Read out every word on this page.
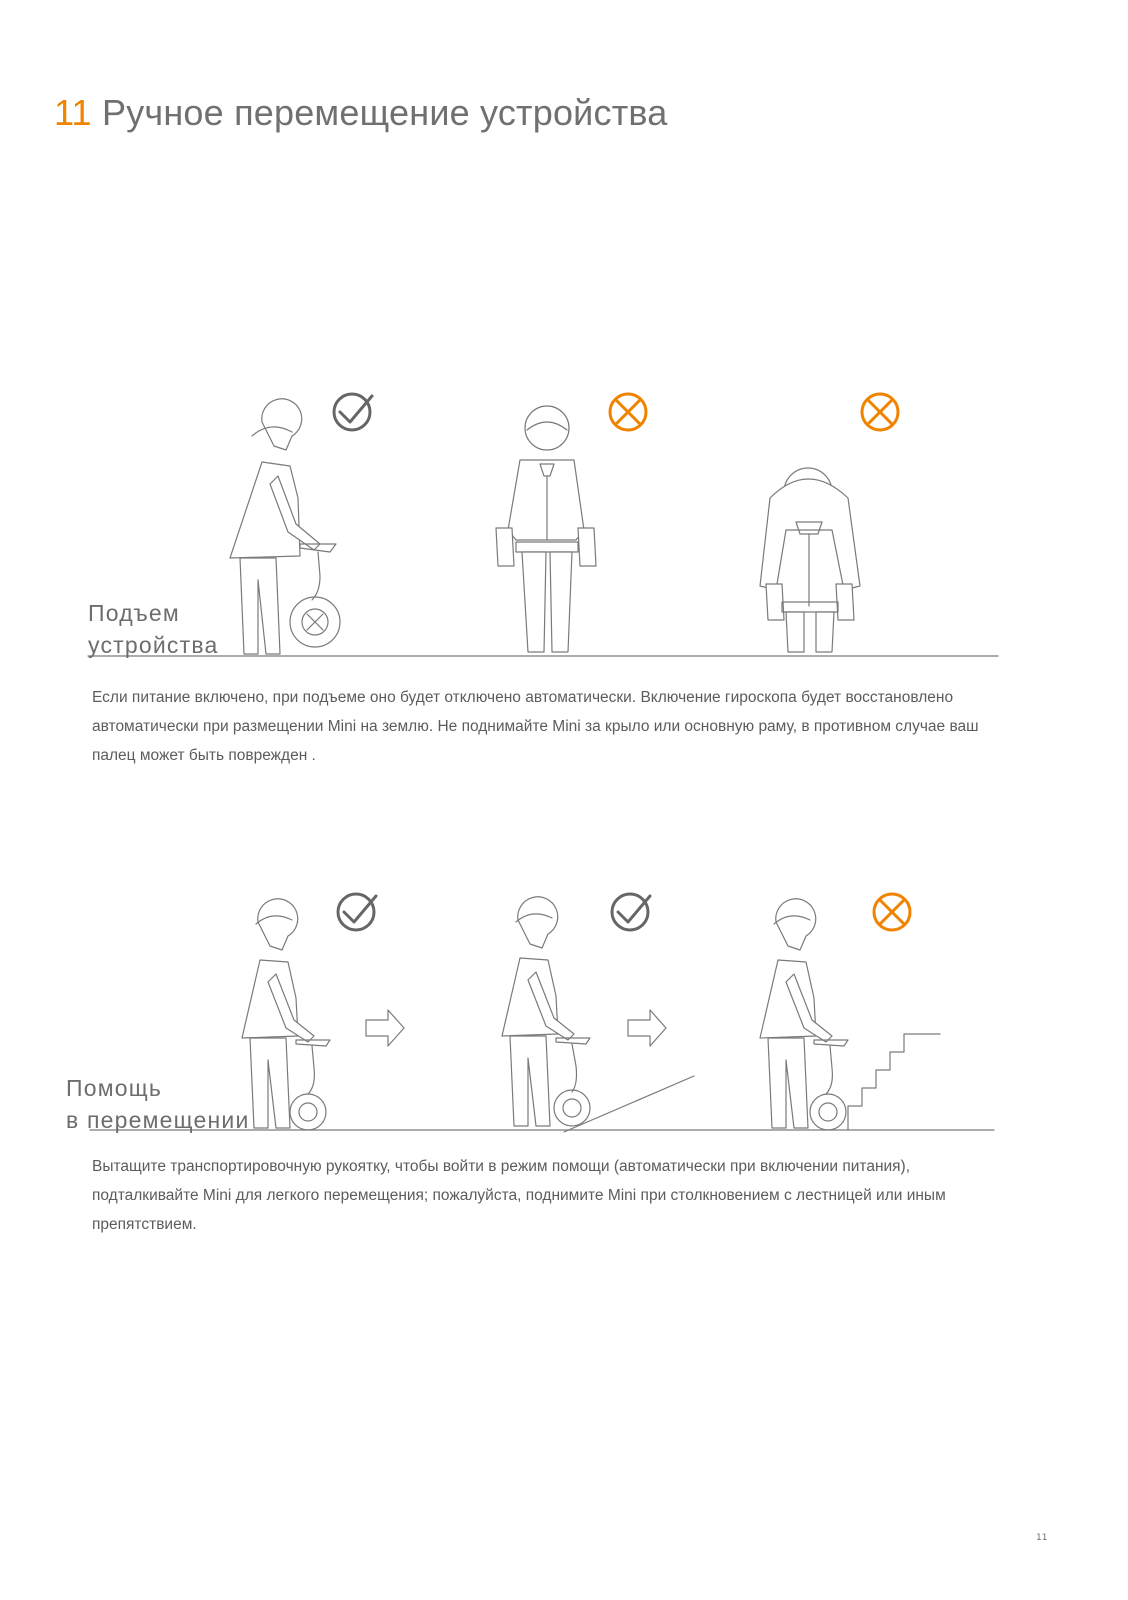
11 Ручное перемещение устройства
Подъем
устройства

Если питание включено, при подъеме оно будет отключено автоматически. Включение гироскопа будет восстановлено автоматически при размещении Mini на землю. Не поднимайте Mini за крыло или основную раму, в противном случае ваш палец может быть поврежден .

Помощь
в перемещении

Вытащите транспортировочную рукоятку, чтобы войти в режим помощи (автоматически при включении питания), подталкивайте Mini для легкого перемещения; пожалуйста, поднимите Mini при столкновением с лестницей или иным препятствием.

11
